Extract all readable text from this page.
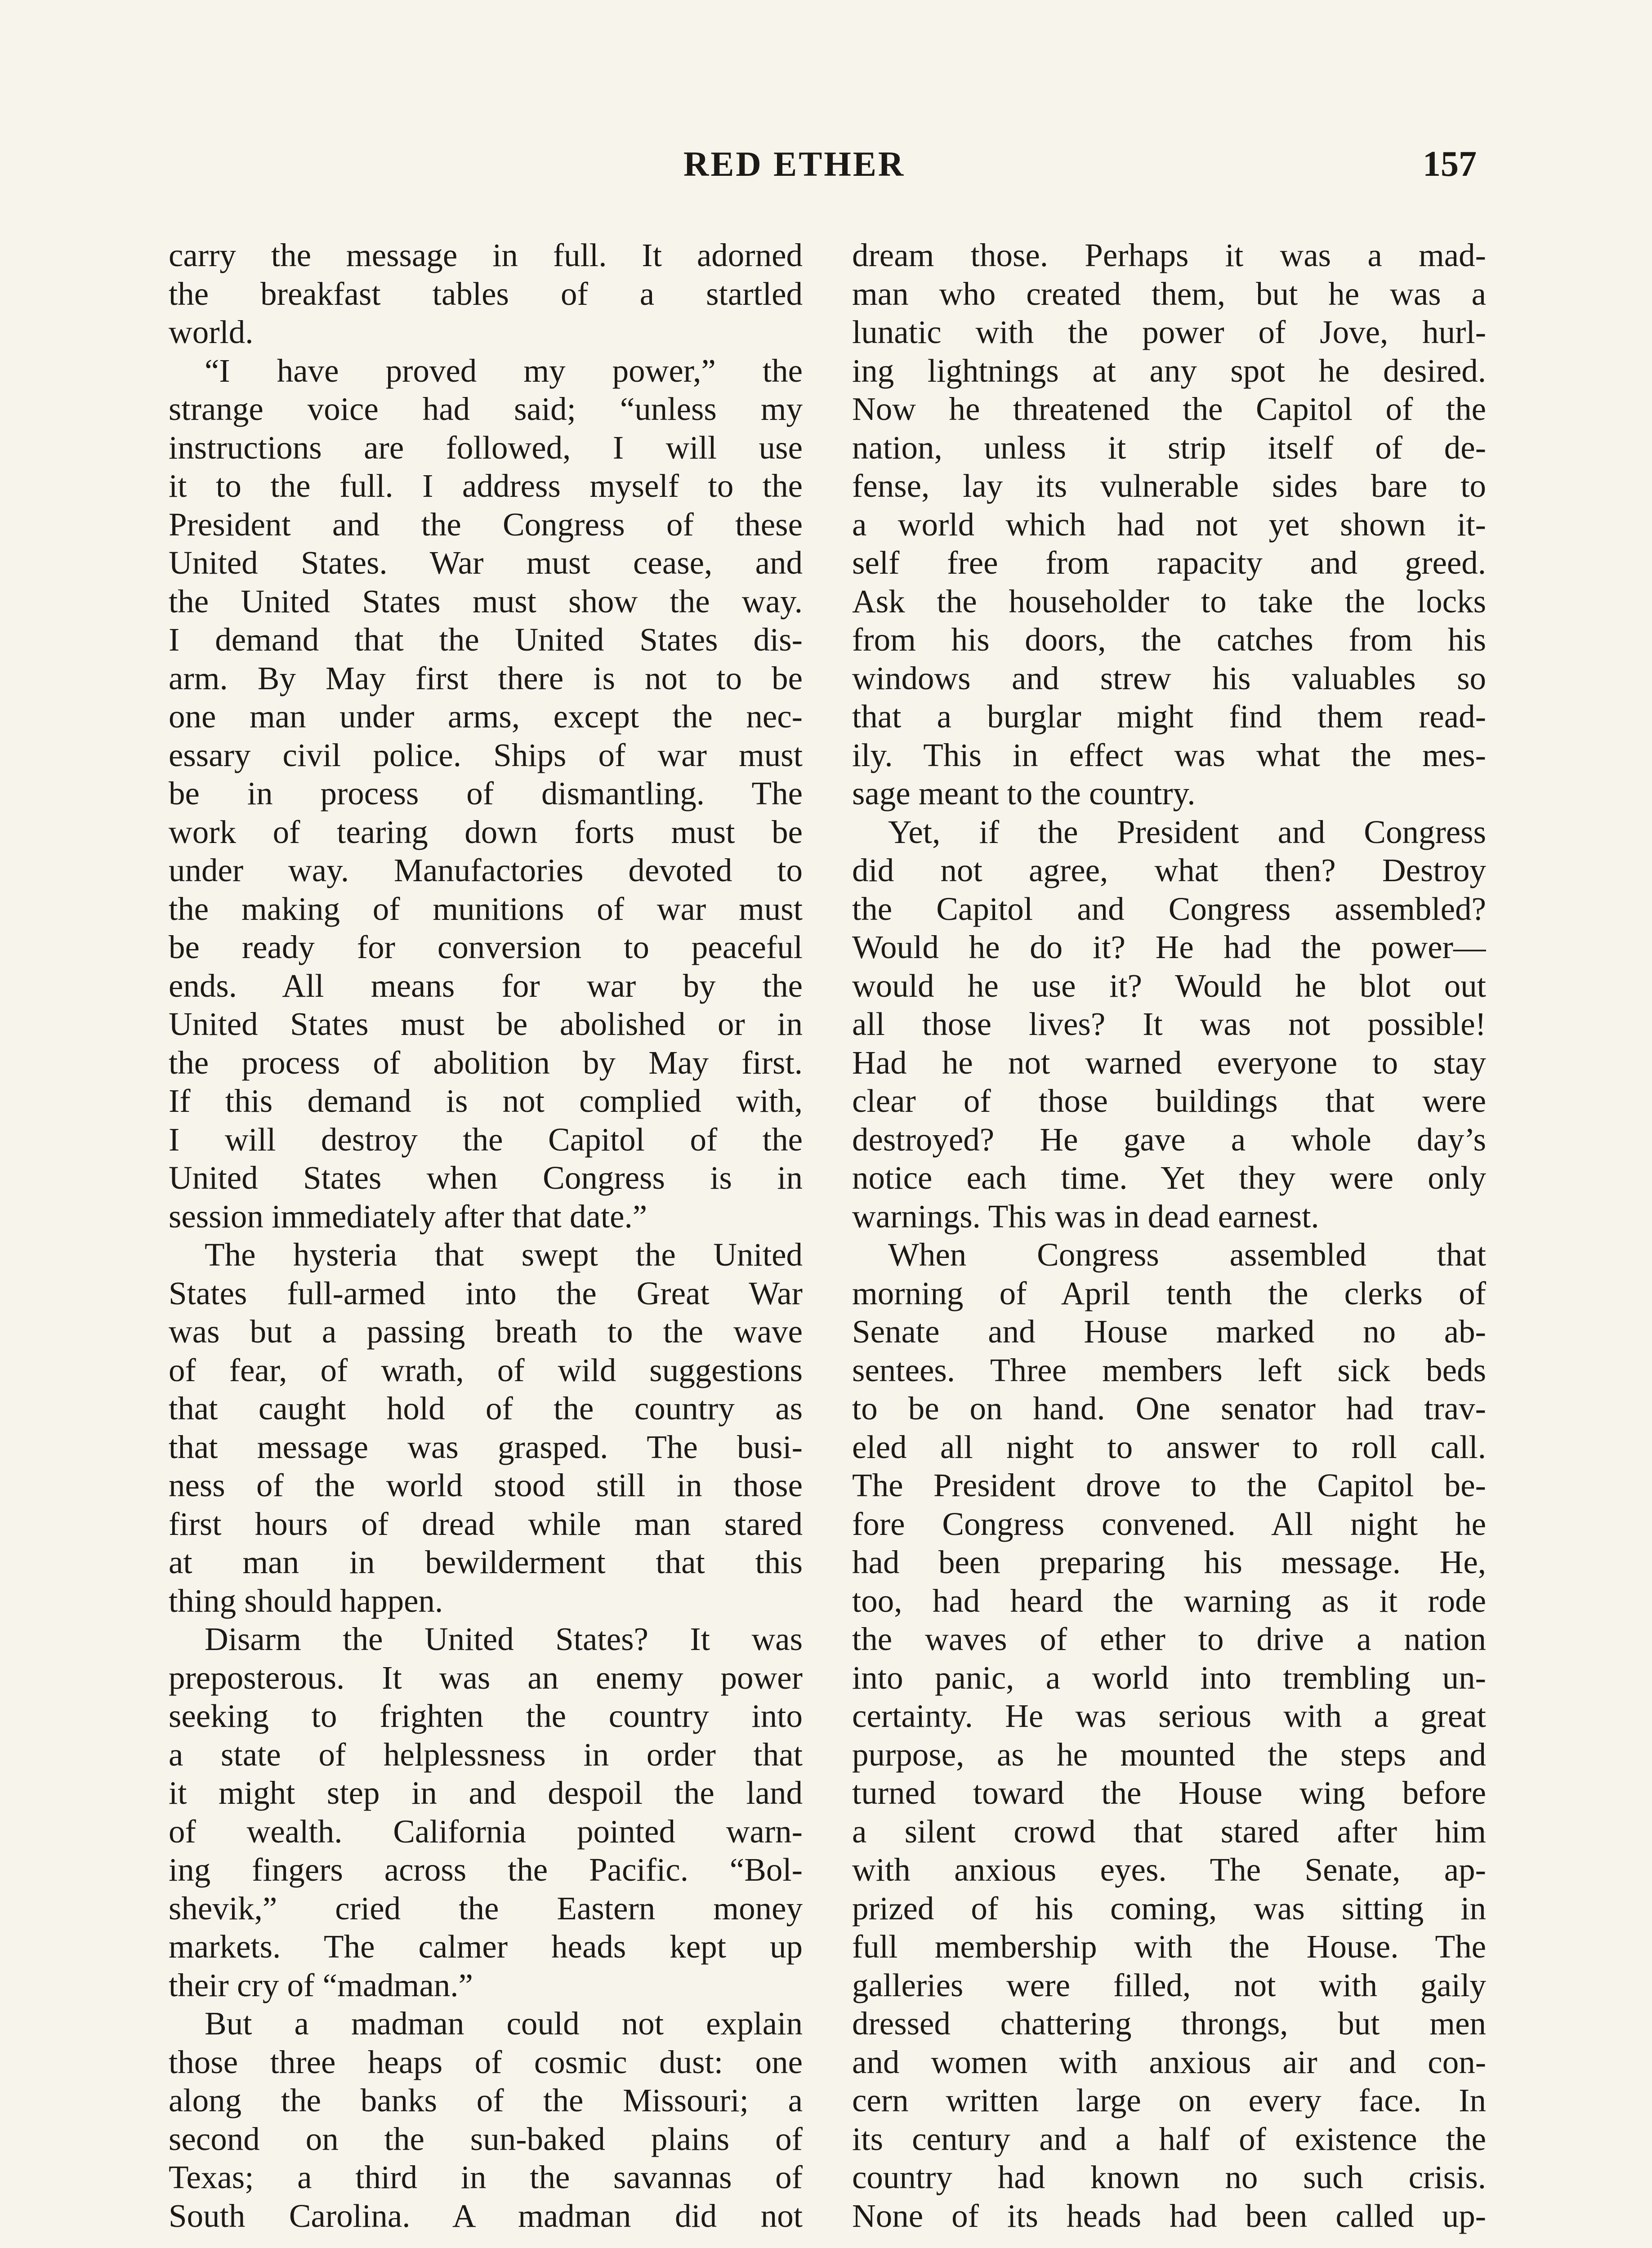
RED ETHER	157
carry the message in full. It adorned
the breakfast tables of a startled
world.
“I have proved my power,” the
strange voice had said; “unless my
instructions are followed, I will use
it to the full. I address myself to the
President and the Congress of these
United States. War must cease, and
the United States must show the way.
I demand that the United States dis-
arm. By May first there is not to be
one man under arms, except the nec-
essary civil police. Ships of war must
be in process of dismantling. The
work of tearing down forts must be
under way. Manufactories devoted to
the making of munitions of war must
be ready for conversion to peaceful
ends. All means for war by the
United States must be abolished or in
the process of abolition by May first.
If this demand is not complied with,
I will destroy the Capitol of the
United States when Congress is in
session immediately after that date.”
The hysteria that swept the United
States full-armed into the Great War
was but a passing breath to the wave
of fear, of wrath, of wild suggestions
that caught hold of the country as
that message was grasped. The busi-
ness of the world stood still in those
first hours of dread while man stared
at man in bewilderment that this
thing should happen.
Disarm the United States? It was
preposterous. It was an enemy power
seeking to frighten the country into
a state of helplessness in order that
it might step in and despoil the land
of wealth. California pointed warn-
ing fingers across the Pacific. “Bol-
shevik,” cried the Eastern money
markets. The calmer heads kept up
their cry of “madman.”
But a madman could not explain
those three heaps of cosmic dust: one
along the banks of the Missouri; a
second on the sun-baked plains of
Texas; a third in the savannas of
South Carolina. A madman did not
dream those. Perhaps it was a mad-
man who created them, but he was a
lunatic with the power of Jove, hurl-
ing lightnings at any spot he desired.
Now he threatened the Capitol of the
nation, unless it strip itself of de-
fense, lay its vulnerable sides bare to
a world which had not yet shown it-
self free from rapacity and greed.
Ask the householder to take the locks
from his doors, the catches from his
windows and strew his valuables so
that a burglar might find them read-
ily. This in effect was what the mes-
sage meant to the country.
Yet, if the President and Congress
did not agree, what then? Destroy
the Capitol and Congress assembled?
Would he do it? He had the power—
would he use it? Would he blot out
all those lives? It was not possible!
Had he not warned everyone to stay
clear of those buildings that were
destroyed? He gave a whole day’s
notice each time. Yet they were only
warnings. This was in dead earnest.
When Congress assembled that
morning of April tenth the clerks of
Senate and House marked no ab-
sentees. Three members left sick beds
to be on hand. One senator had trav-
eled all night to answer to roll call.
The President drove to the Capitol be-
fore Congress convened. All night he
had been preparing his message. He,
too, had heard the warning as it rode
the waves of ether to drive a nation
into panic, a world into trembling un-
certainty. He was serious with a great
purpose, as he mounted the steps and
turned toward the House wing before
a silent crowd that stared after him
with anxious eyes. The Senate, ap-
prized of his coming, was sitting in
full membership with the House. The
galleries were filled, not with gaily
dressed chattering throngs, but men
and women with anxious air and con-
cern written large on every face. In
its century and a half of existence the
country had known no such crisis.
None of its heads had been called up-
